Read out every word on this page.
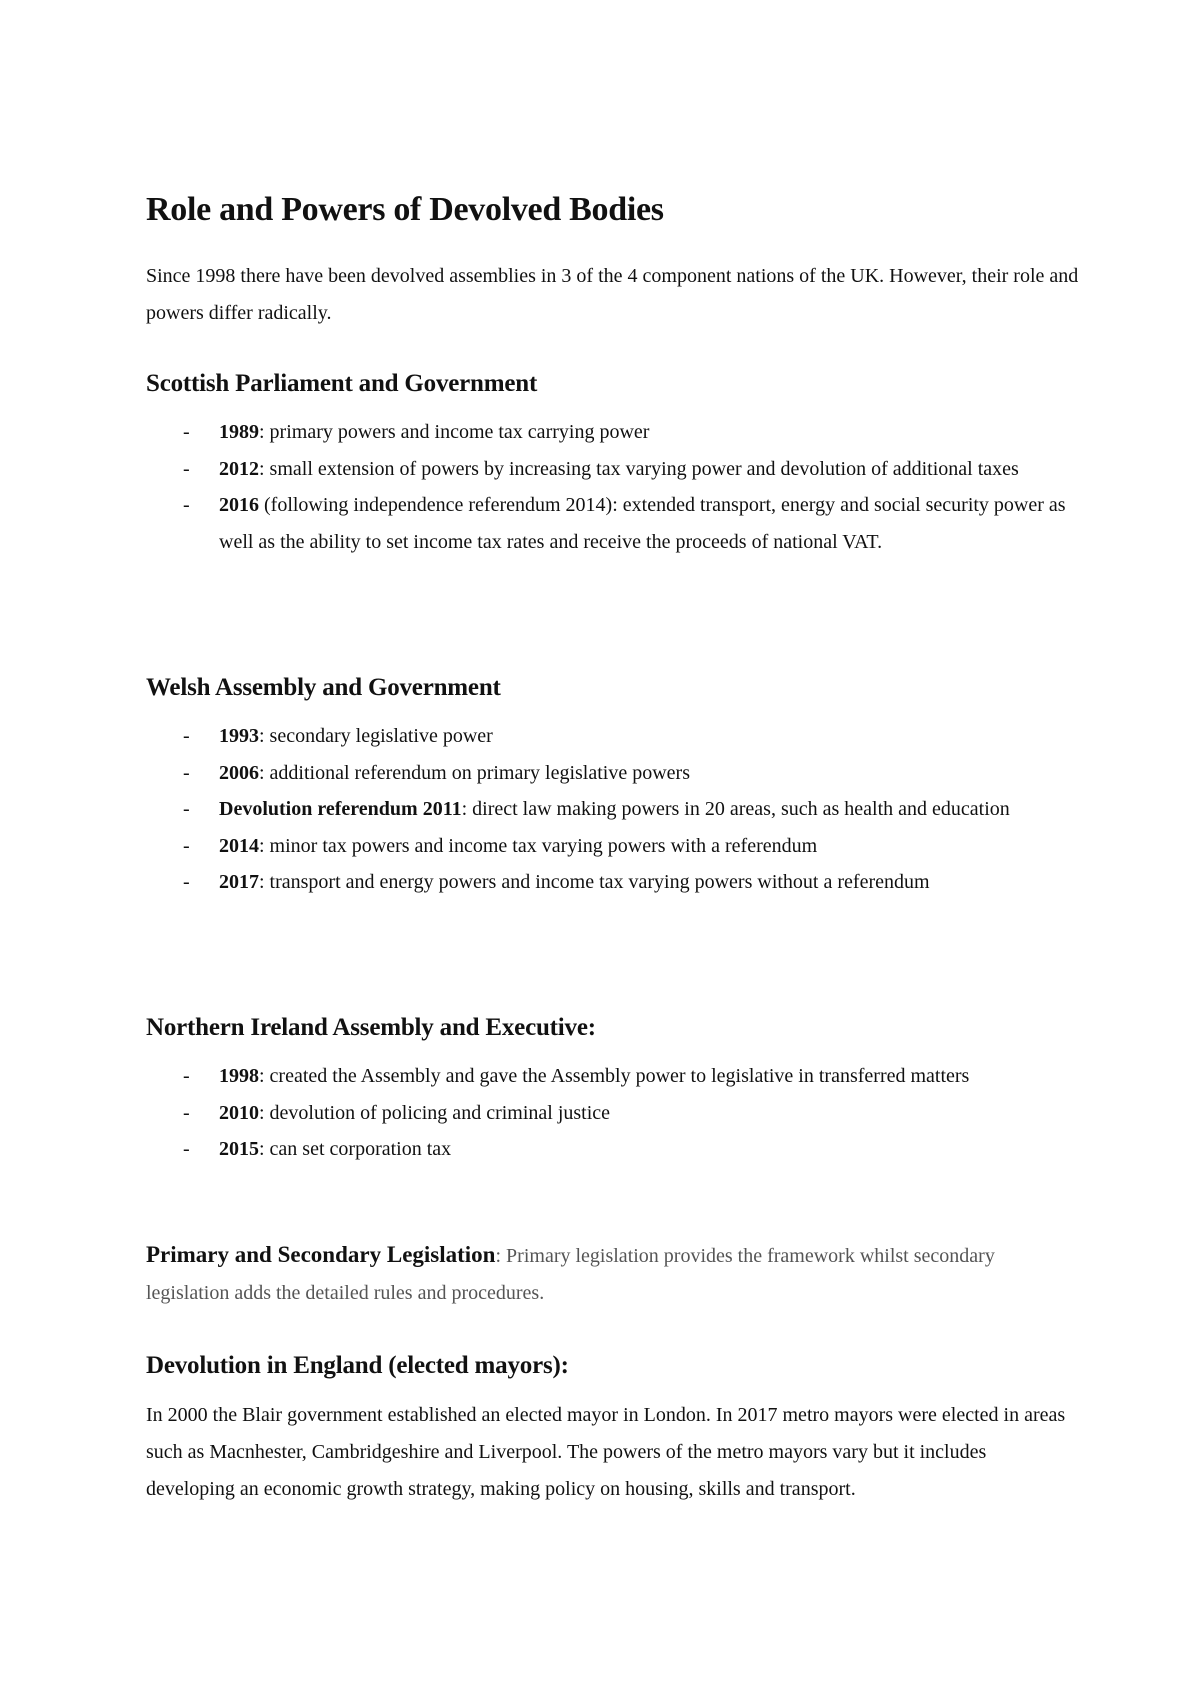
Role and Powers of Devolved Bodies

Since 1998 there have been devolved assemblies in 3 of the 4 component nations of the UK. However, their role and powers differ radically.

Scottish Parliament and Government
- 1989: primary powers and income tax carrying power
- 2012: small extension of powers by increasing tax varying power and devolution of additional taxes
- 2016 (following independence referendum 2014): extended transport, energy and social security power as well as the ability to set income tax rates and receive the proceeds of national VAT.
Welsh Assembly and Government
- 1993: secondary legislative power
- 2006: additional referendum on primary legislative powers
- Devolution referendum 2011: direct law making powers in 20 areas, such as health and education
- 2014: minor tax powers and income tax varying powers with a referendum
- 2017: transport and energy powers and income tax varying powers without a referendum
Northern Ireland Assembly and Executive:
- 1998: created the Assembly and gave the Assembly power to legislative in transferred matters
- 2010: devolution of policing and criminal justice
- 2015: can set corporation tax

Primary and Secondary Legislation: Primary legislation provides the framework whilst secondary legislation adds the detailed rules and procedures.

Devolution in England (elected mayors):

In 2000 the Blair government established an elected mayor in London. In 2017 metro mayors were elected in areas such as Macnhester, Cambridgeshire and Liverpool. The powers of the metro mayors vary but it includes developing an economic growth strategy, making policy on housing, skills and transport.
